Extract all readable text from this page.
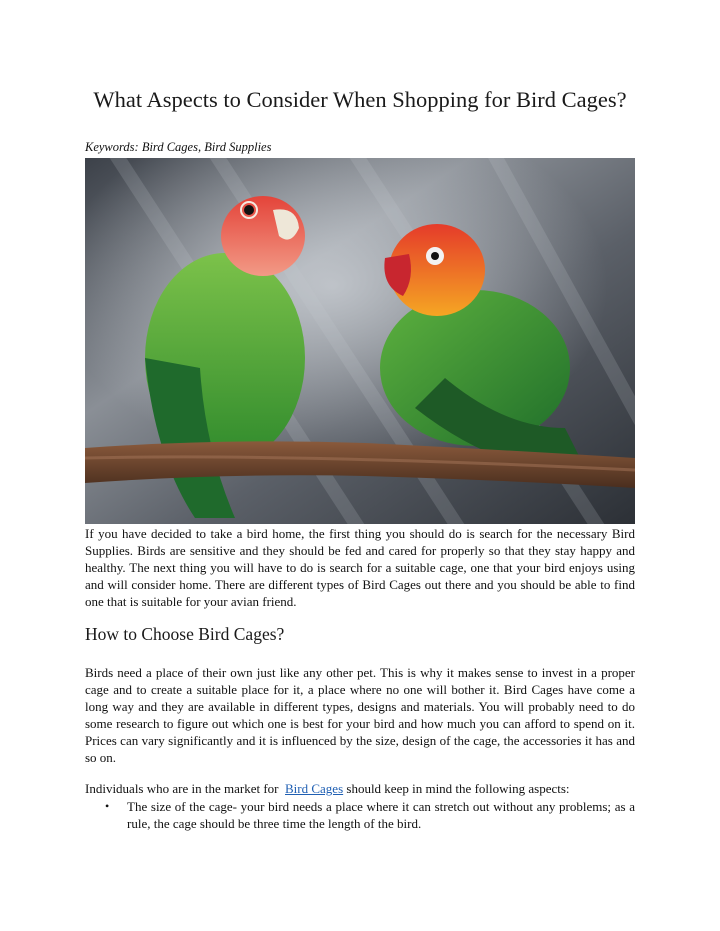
What Aspects to Consider When Shopping for Bird Cages?
Keywords: Bird Cages, Bird Supplies

If you have decided to take a bird home, the first thing you should do is search for the necessary Bird Supplies. Birds are sensitive and they should be fed and cared for properly so that they stay happy and healthy. The next thing you will have to do is search for a suitable cage, one that your bird enjoys using and will consider home. There are different types of Bird Cages out there and you should be able to find one that is suitable for your avian friend.

How to Choose Bird Cages?

Birds need a place of their own just like any other pet. This is why it makes sense to invest in a proper cage and to create a suitable place for it, a place where no one will bother it. Bird Cages have come a long way and they are available in different types, designs and materials. You will probably need to do some research to figure out which one is best for your bird and how much you can afford to spend on it. Prices can vary significantly and it is influenced by the size, design of the cage, the accessories it has and so on.

Individuals who are in the market for Bird Cages should keep in mind the following aspects:

• The size of the cage- your bird needs a place where it can stretch out without any problems; as a rule, the cage should be three time the length of the bird.
